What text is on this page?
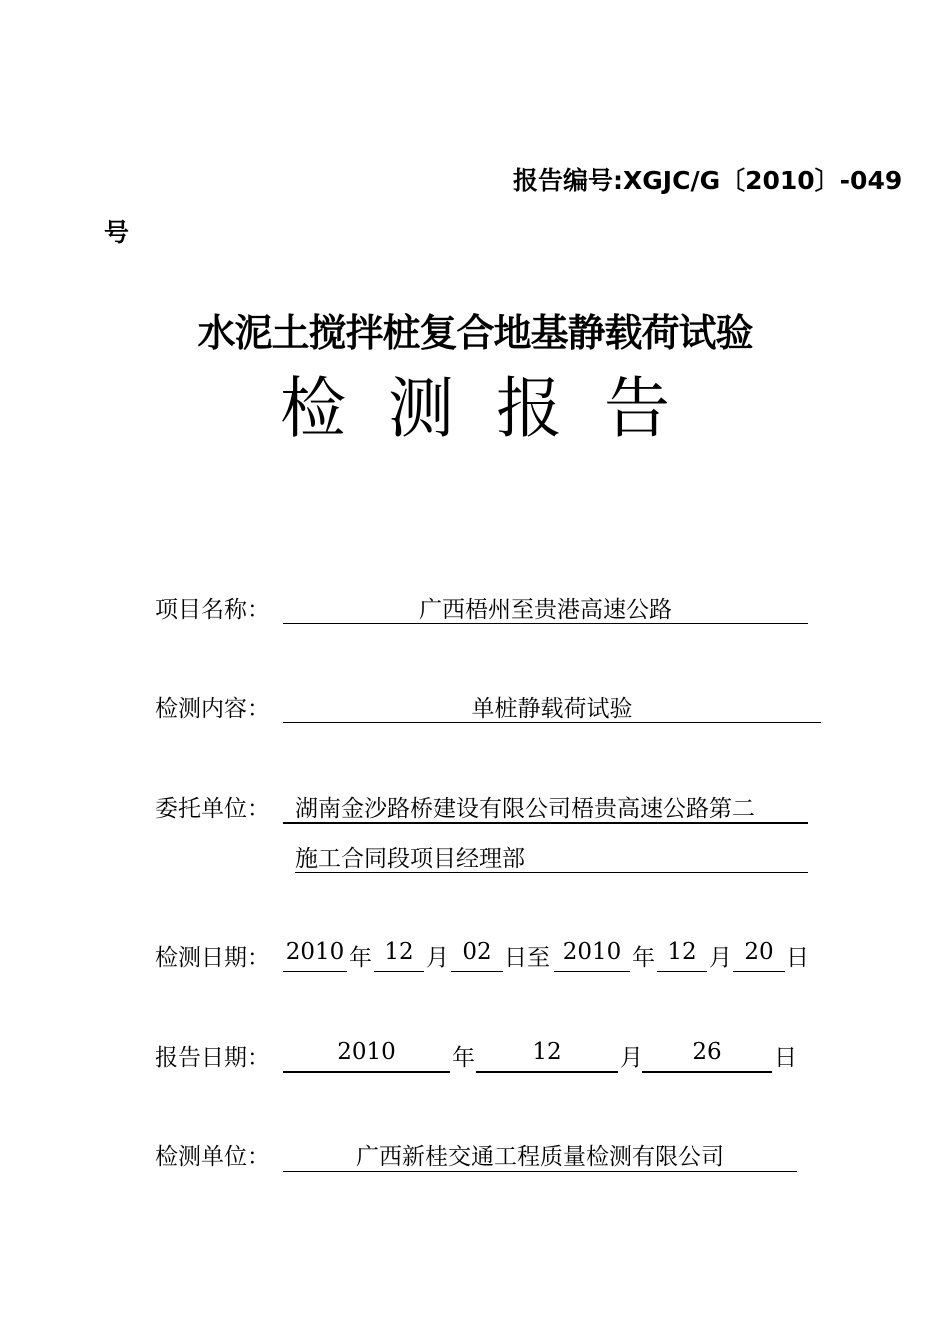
报告编号:XGJC/G〔2010〕-049
号
水泥土搅拌桩复合地基静载荷试验
检测报告
项目名称：	广西梧州至贵港高速公路
检测内容：	单桩静载荷试验
委托单位： 湖南金沙路桥建设有限公司梧贵高速公路第二
施工合同段项目经理部
检测日期： 2010 年 12 月 02 日至 2010 年 12 月 20 日
报告日期：	2010	年	12	月	26	日
检测单位：	广西新桂交通工程质量检测有限公司
